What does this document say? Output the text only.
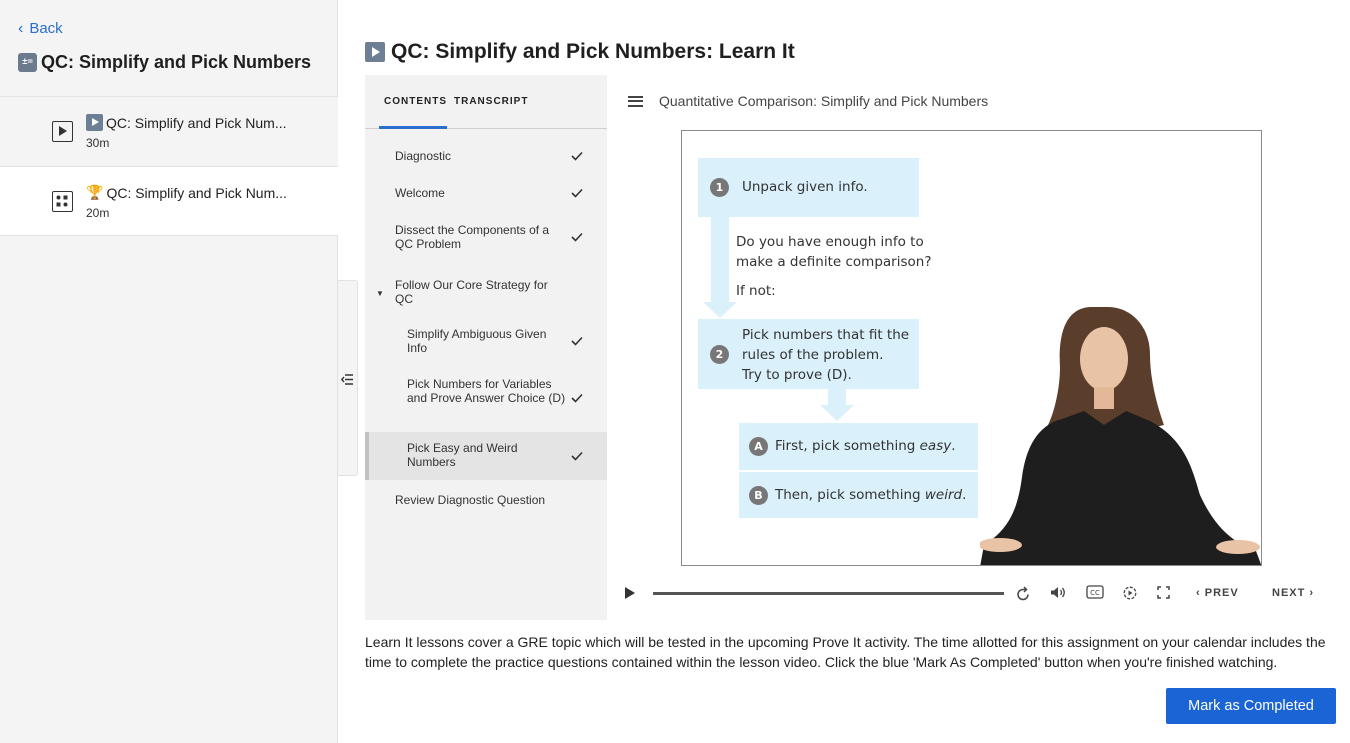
‹ Back
±= QC: Simplify and Pick Numbers
QC: Simplify and Pick Num...
30m
🏆 QC: Simplify and Pick Num...
20m
QC: Simplify and Pick Numbers: Learn It
CONTENTS TRANSCRIPT
Diagnostic
Welcome
Dissect the Components of a QC Problem
▼
Follow Our Core Strategy for QC
Simplify Ambiguous Given Info
Pick Numbers for Variables and Prove Answer Choice (D)
Pick Easy and Weird Numbers
Review Diagnostic Question
Quantitative Comparison: Simplify and Pick Numbers
1	Unpack given info.
Do you have enough info to
make a definite comparison?
If not:
2
Pick numbers that fit the
rules of the problem.
Try to prove (D).
A First, pick something easy.
B Then, pick something weird.
CC	‹ PREV	NEXT ›
Learn It lessons cover a GRE topic which will be tested in the upcoming Prove It activity. The time allotted for this assignment on your calendar includes the time to complete the practice questions contained within the lesson video. Click the blue 'Mark As Completed' button when you're finished watching.
Mark as Completed
